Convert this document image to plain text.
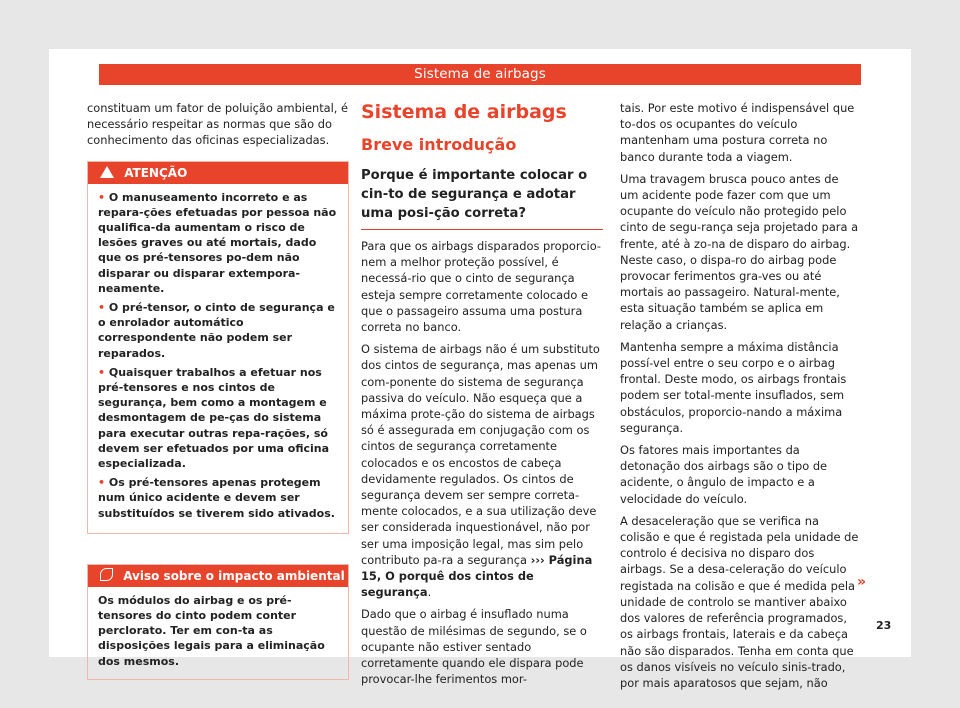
Sistema de airbags

constituam um fator de poluição ambiental, é necessário respeitar as normas que são do conhecimento das oficinas especializadas.

ATENÇÃO
• O manuseamento incorreto e as repara-ções efetuadas por pessoa não qualifica-da aumentam o risco de lesões graves ou até mortais, dado que os pré-tensores po-dem não disparar ou disparar extempora-neamente.
• O pré-tensor, o cinto de segurança e o enrolador automático correspondente não podem ser reparados.
• Quaisquer trabalhos a efetuar nos pré-tensores e nos cintos de segurança, bem como a montagem e desmontagem de pe-ças do sistema para executar outras repa-rações, só devem ser efetuados por uma oficina especializada.
• Os pré-tensores apenas protegem num único acidente e devem ser substituídos se tiverem sido ativados.
Aviso sobre o impacto ambiental
Os módulos do airbag e os pré-tensores do cinto podem conter perclorato. Ter em con-ta as disposições legais para a eliminação dos mesmos.
Sistema de airbags
Breve introdução
Porque é importante colocar o cin-to de segurança e adotar uma posi-ção correta?

Para que os airbags disparados proporcio-nem a melhor proteção possível, é necessá-rio que o cinto de segurança esteja sempre corretamente colocado e que o passageiro assuma uma postura correta no banco.

O sistema de airbags não é um substituto dos cintos de segurança, mas apenas um com-ponente do sistema de segurança passiva do veículo. Não esqueça que a máxima prote-ção do sistema de airbags só é assegurada em conjugação com os cintos de segurança corretamente colocados e os encostos de cabeça devidamente regulados. Os cintos de segurança devem ser sempre correta-mente colocados, e a sua utilização deve ser considerada inquestionável, não por ser uma imposição legal, mas sim pelo contributo pa-ra a segurança ››› Página 15, O porquê dos cintos de segurança.

Dado que o airbag é insuflado numa questão de milésimas de segundo, se o ocupante não estiver sentado corretamente quando ele dispara pode provocar-lhe ferimentos mor-

tais. Por este motivo é indispensável que to-dos os ocupantes do veículo mantenham uma postura correta no banco durante toda a viagem.

Uma travagem brusca pouco antes de um acidente pode fazer com que um ocupante do veículo não protegido pelo cinto de segu-rança seja projetado para a frente, até à zo-na de disparo do airbag. Neste caso, o dispa-ro do airbag pode provocar ferimentos gra-ves ou até mortais ao passageiro. Natural-mente, esta situação também se aplica em relação a crianças.

Mantenha sempre a máxima distância possí-vel entre o seu corpo e o airbag frontal. Deste modo, os airbags frontais podem ser total-mente insuflados, sem obstáculos, proporcio-nando a máxima segurança.

Os fatores mais importantes da detonação dos airbags são o tipo de acidente, o ângulo de impacto e a velocidade do veículo.

A desaceleração que se verifica na colisão e que é registada pela unidade de controlo é decisiva no disparo dos airbags. Se a desa-celeração do veículo registada na colisão e que é medida pela unidade de controlo se mantiver abaixo dos valores de referência programados, os airbags frontais, laterais e da cabeça não são disparados. Tenha em conta que os danos visíveis no veículo sinis-trado, por mais aparatosos que sejam, não

»
23
